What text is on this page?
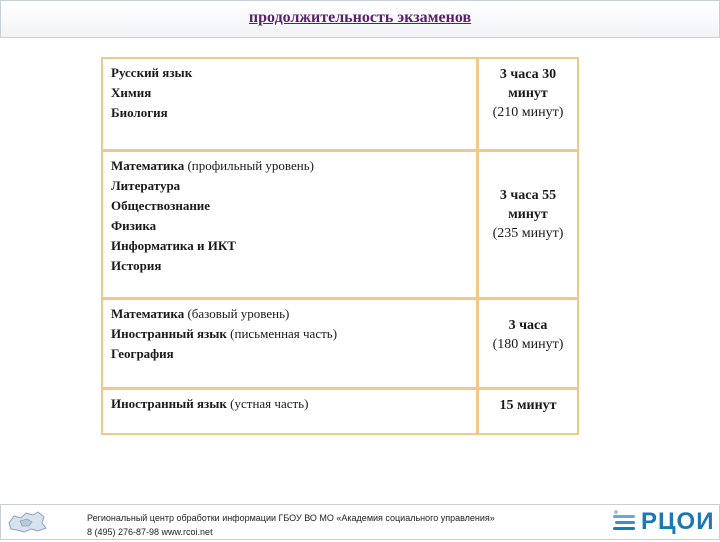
продолжительность экзаменов
Русский язык
Химия
Биология
3 часа 30
минут
(210 минут)
Математика (профильный уровень)
Литература
Обществознание
Физика
Информатика и ИКТ
История
3 часа 55
минут
(235 минут)
Математика (базовый уровень)
Иностранный язык (письменная часть)
География
3 часа
(180 минут)
Иностранный язык (устная часть)	15 минут
Региональный центр обработки информации ГБОУ ВО МО «Академия социального управления»
8 (495) 276-87-98 www.rcoi.net	РЦОИ
